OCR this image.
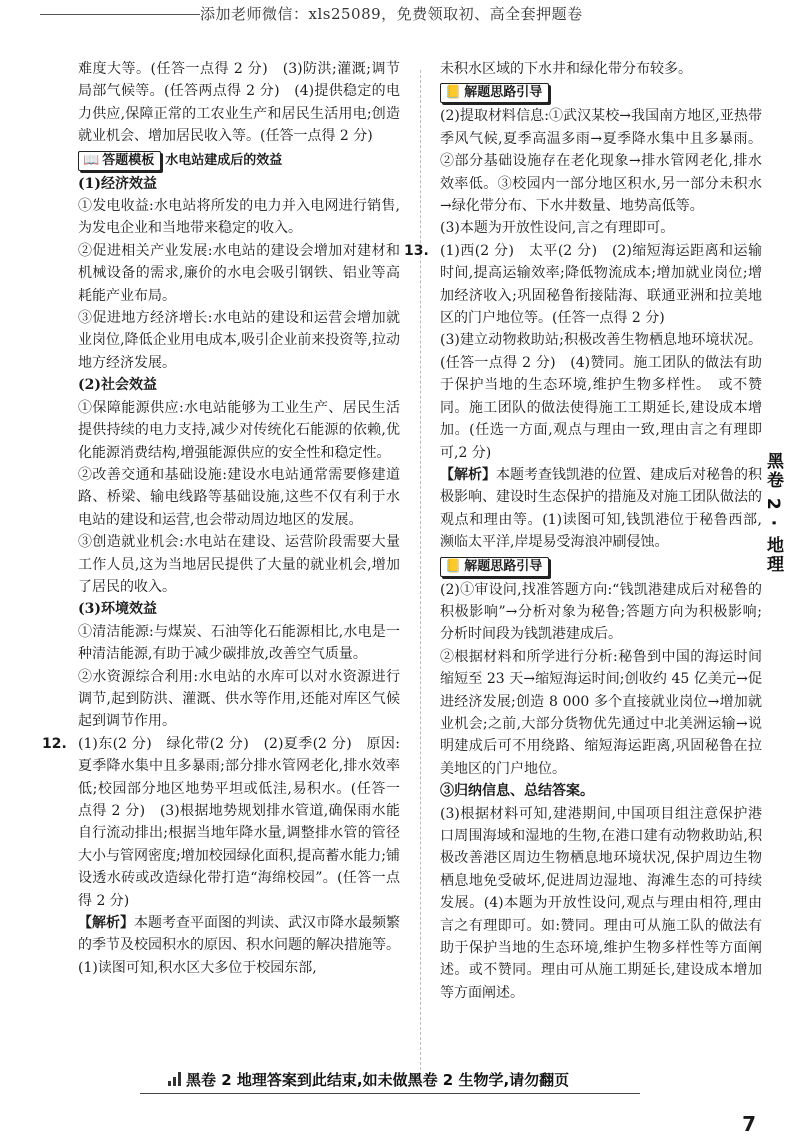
添加老师微信：xls25089，免费领取初、高全套押题卷

难度大等。(任答一点得 2 分)　(3)防洪;灌溉;调节局部气候等。(任答两点得 2 分)　(4)提供稳定的电力供应,保障正常的工农业生产和居民生活用电;创造就业机会、增加居民收入等。(任答一点得 2 分)

📖 答题模板 水电站建成后的效益

(1)经济效益

①发电收益:水电站将所发的电力并入电网进行销售,为发电企业和当地带来稳定的收入。

②促进相关产业发展:水电站的建设会增加对建材和机械设备的需求,廉价的水电会吸引钢铁、铝业等高耗能产业布局。

③促进地方经济增长:水电站的建设和运营会增加就业岗位,降低企业用电成本,吸引企业前来投资等,拉动地方经济发展。

(2)社会效益

①保障能源供应:水电站能够为工业生产、居民生活提供持续的电力支持,减少对传统化石能源的依赖,优化能源消费结构,增强能源供应的安全性和稳定性。

②改善交通和基础设施:建设水电站通常需要修建道路、桥梁、输电线路等基础设施,这些不仅有利于水电站的建设和运营,也会带动周边地区的发展。

③创造就业机会:水电站在建设、运营阶段需要大量工作人员,这为当地居民提供了大量的就业机会,增加了居民的收入。

(3)环境效益

①清洁能源:与煤炭、石油等化石能源相比,水电是一种清洁能源,有助于减少碳排放,改善空气质量。

②水资源综合利用:水电站的水库可以对水资源进行调节,起到防洪、灌溉、供水等作用,还能对库区气候起到调节作用。

12. (1)东(2 分)　绿化带(2 分)　(2)夏季(2 分)　原因:夏季降水集中且多暴雨;部分排水管网老化,排水效率低;校园部分地区地势平坦或低洼,易积水。(任答一点得 2 分)　(3)根据地势规划排水管道,确保雨水能自行流动排出;根据当地年降水量,调整排水管的管径大小与管网密度;增加校园绿化面积,提高蓄水能力;铺设透水砖或改造绿化带打造“海绵校园”。(任答一点得 2 分)

【解析】本题考查平面图的判读、武汉市降水最频繁的季节及校园积水的原因、积水问题的解决措施等。(1)读图可知,积水区大多位于校园东部,

未积水区域的下水井和绿化带分布较多。

📒 解题思路引导

(2)提取材料信息:①武汉某校→我国南方地区,亚热带季风气候,夏季高温多雨→夏季降水集中且多暴雨。②部分基础设施存在老化现象→排水管网老化,排水效率低。③校园内一部分地区积水,另一部分未积水→绿化带分布、下水井数量、地势高低等。

(3)本题为开放性设问,言之有理即可。

13. (1)西(2 分)　太平(2 分)　(2)缩短海运距离和运输时间,提高运输效率;降低物流成本;增加就业岗位;增加经济收入;巩固秘鲁衔接陆海、联通亚洲和拉美地区的门户地位等。(任答一点得 2 分)

(3)建立动物救助站;积极改善生物栖息地环境状况。(任答一点得 2 分)　(4)赞同。施工团队的做法有助于保护当地的生态环境,维护生物多样性。　或不赞同。施工团队的做法使得施工工期延长,建设成本增加。(任选一方面,观点与理由一致,理由言之有理即可,2 分)

【解析】本题考查钱凯港的位置、建成后对秘鲁的积极影响、建设时生态保护的措施及对施工团队做法的观点和理由等。(1)读图可知,钱凯港位于秘鲁西部,濒临太平洋,岸堤易受海浪冲刷侵蚀。

📒 解题思路引导

(2)①审设问,找准答题方向:“钱凯港建成后对秘鲁的积极影响”→分析对象为秘鲁;答题方向为积极影响;分析时间段为钱凯港建成后。

②根据材料和所学进行分析:秘鲁到中国的海运时间缩短至 23 天→缩短海运时间;创收约 45 亿美元→促进经济发展;创造 8 000 多个直接就业岗位→增加就业机会;之前,大部分货物优先通过中北美洲运输→说明建成后可不用绕路、缩短海运距离,巩固秘鲁在拉美地区的门户地位。

③归纳信息、总结答案。

(3)根据材料可知,建港期间,中国项目组注意保护港口周围海域和湿地的生物,在港口建有动物救助站,积极改善港区周边生物栖息地环境状况,保护周边生物栖息地免受破坏,促进周边湿地、海滩生态的可持续发展。(4)本题为开放性设问,观点与理由相符,理由言之有理即可。如:赞同。理由可从施工队的做法有助于保护当地的生态环境,维护生物多样性等方面阐述。或不赞同。理由可从施工期延长,建设成本增加等方面阐述。

黑卷 2 · 地理
黑卷 2 地理答案到此结束,如未做黑卷 2 生物学,请勿翻页
7
